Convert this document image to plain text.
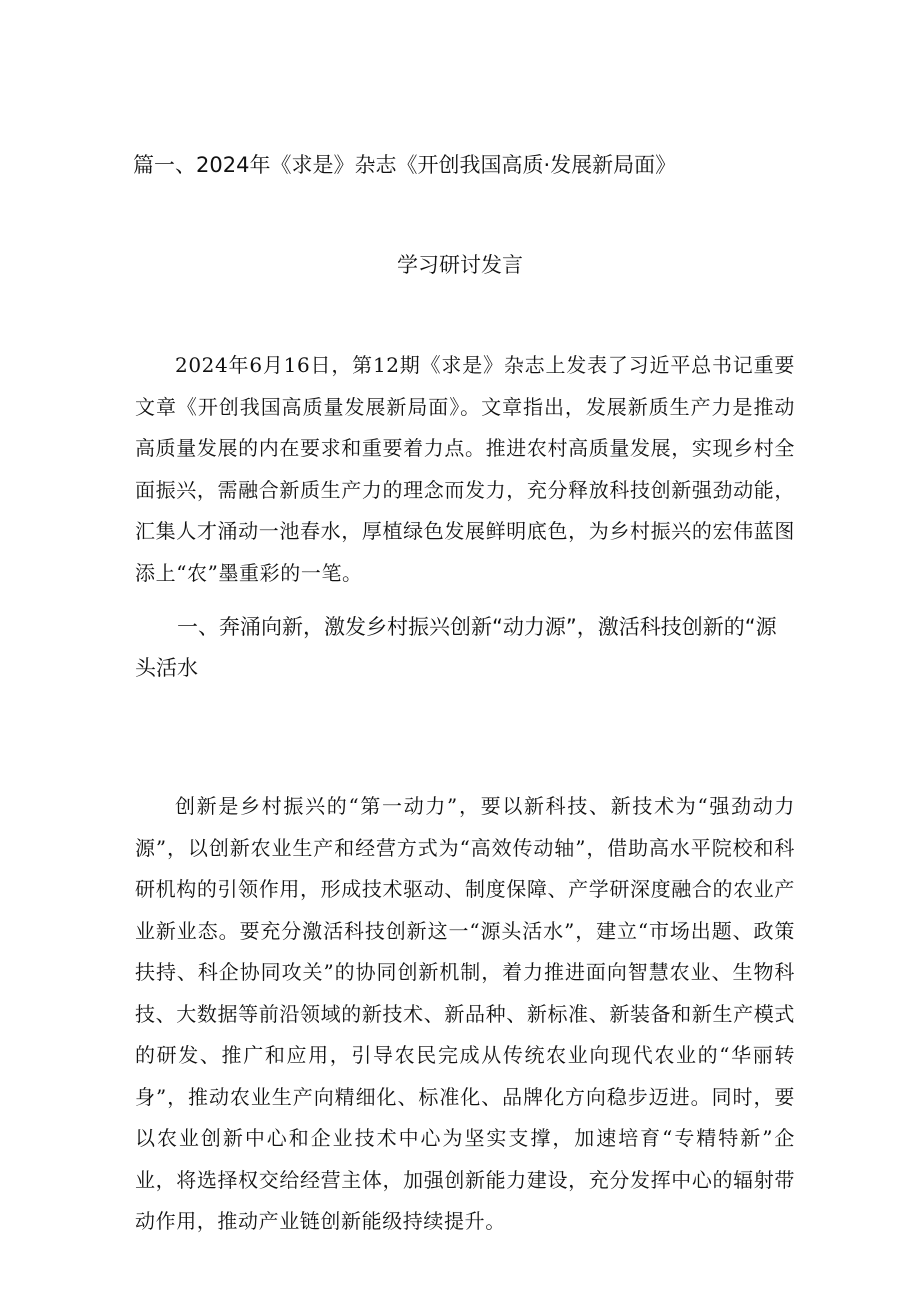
篇一、2024年《求是》杂志《开创我国高质·发展新局面》
学习研讨发言

2024年6月16日，第12期《求是》杂志上发表了习近平总书记重要文章《开创我国高质量发展新局面》。文章指出，发展新质生产力是推动高质量发展的内在要求和重要着力点。推进农村高质量发展，实现乡村全面振兴，需融合新质生产力的理念而发力，充分释放科技创新强劲动能，汇集人才涌动一池春水，厚植绿色发展鲜明底色，为乡村振兴的宏伟蓝图添上“农”墨重彩的一笔。

一、奔涌向新，激发乡村振兴创新“动力源”，激活科技创新的“源头活水

创新是乡村振兴的“第一动力”，要以新科技、新技术为“强劲动力源”，以创新农业生产和经营方式为“高效传动轴”，借助高水平院校和科研机构的引领作用，形成技术驱动、制度保障、产学研深度融合的农业产业新业态。要充分激活科技创新这一“源头活水”，建立“市场出题、政策扶持、科企协同攻关”的协同创新机制，着力推进面向智慧农业、生物科技、大数据等前沿领域的新技术、新品种、新标准、新装备和新生产模式的研发、推广和应用，引导农民完成从传统农业向现代农业的“华丽转身”，推动农业生产向精细化、标准化、品牌化方向稳步迈进。同时，要以农业创新中心和企业技术中心为坚实支撑，加速培育“专精特新”企业，将选择权交给经营主体，加强创新能力建设，充分发挥中心的辐射带动作用，推动产业链创新能级持续提升。
